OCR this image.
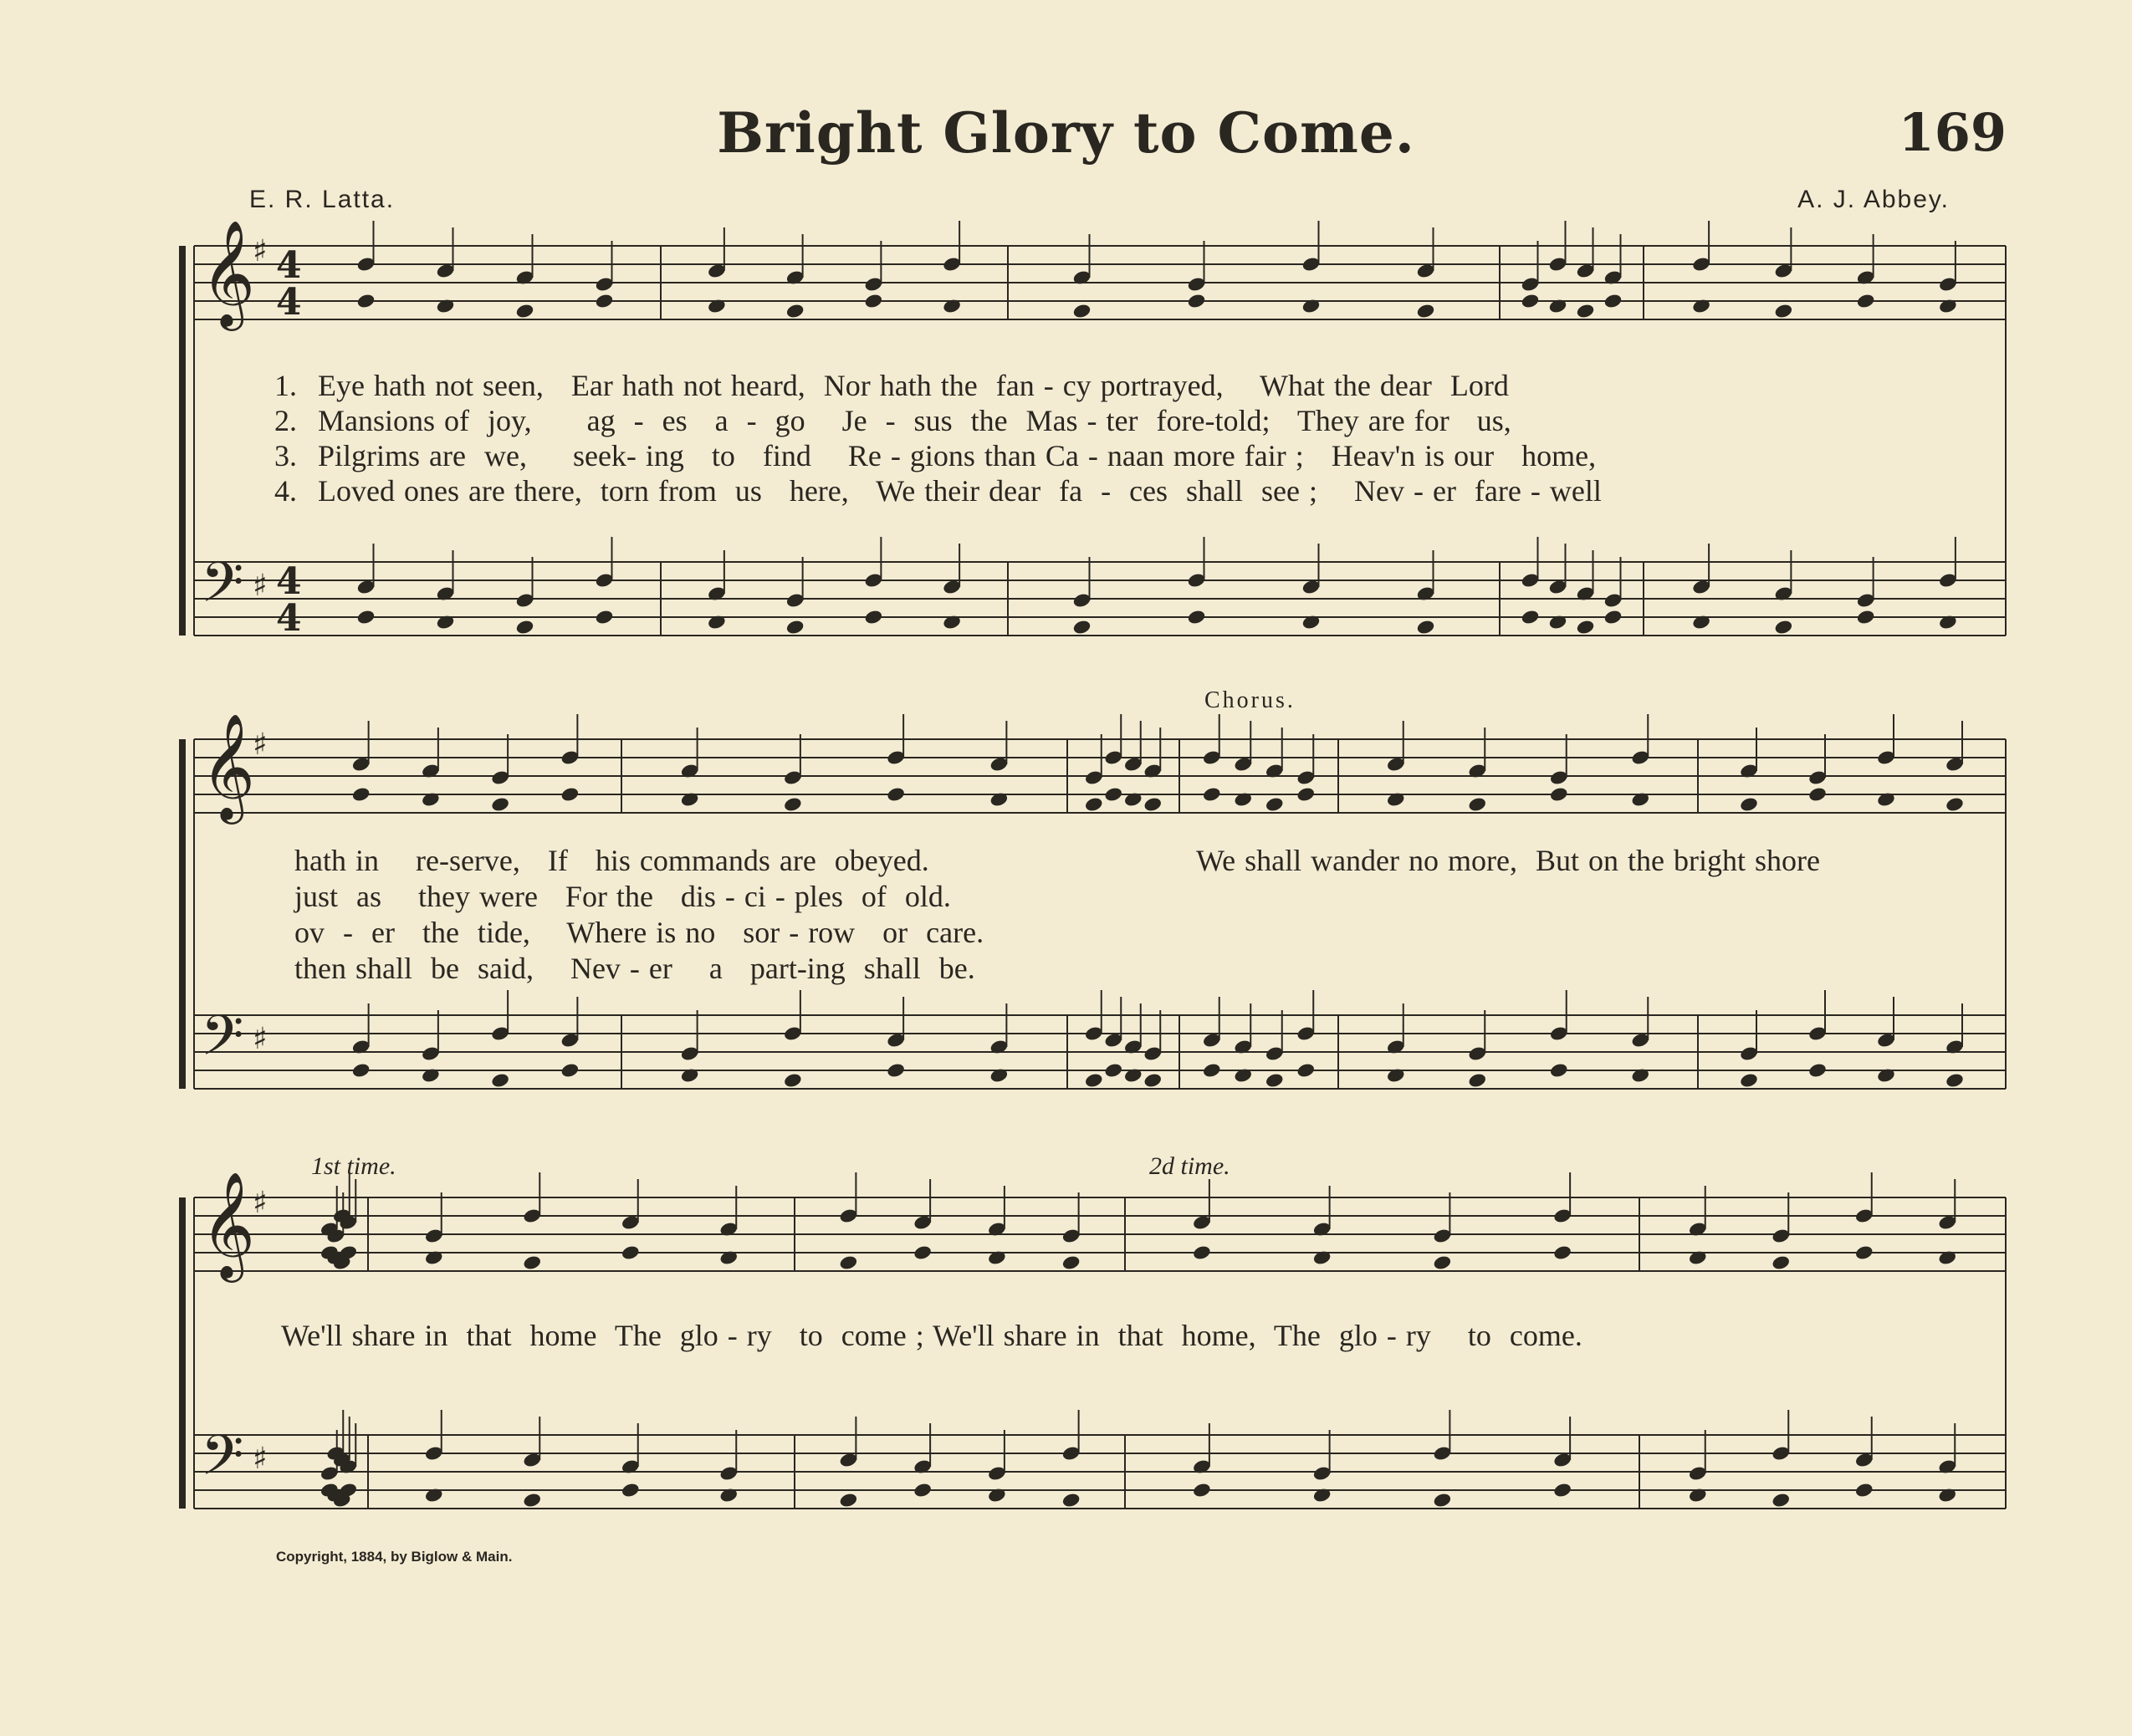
Bright Glory to Come.	169
E. R. Latta.	A. J. Abbey.
𝄞
♯
𝄢 ♯
𝄞
♯
𝄢 ♯
𝄞
♯
𝄢 ♯
4
4
4
4
Chorus.
1st time.	2d time.
1. Eye hath not seen,   Ear hath not heard,  Nor hath the  fan - cy portrayed,    What the dear  Lord
2. Mansions of  joy,      ag  -  es   a  -  go    Je  -  sus  the  Mas - ter  fore-told;   They are for   us,
3. Pilgrims are  we,     seek- ing   to   find    Re - gions than Ca - naan more fair ;   Heav'n is our   home,
4. Loved ones are there,  torn from  us   here,   We their dear  fa  -  ces  shall  see ;    Nev - er  fare - well
hath in    re-serve,   If   his commands are  obeyed.
just  as    they were   For the   dis - ci - ples  of  old.
ov  -  er   the  tide,    Where is no   sor - row   or  care.
then shall  be  said,    Nev - er    a   part-ing  shall  be.
We shall wander no more,  But on the bright shore
We'll share in  that  home  The  glo - ry   to  come ; We'll share in  that  home,  The  glo - ry    to  come.
Copyright, 1884, by Biglow & Main.
